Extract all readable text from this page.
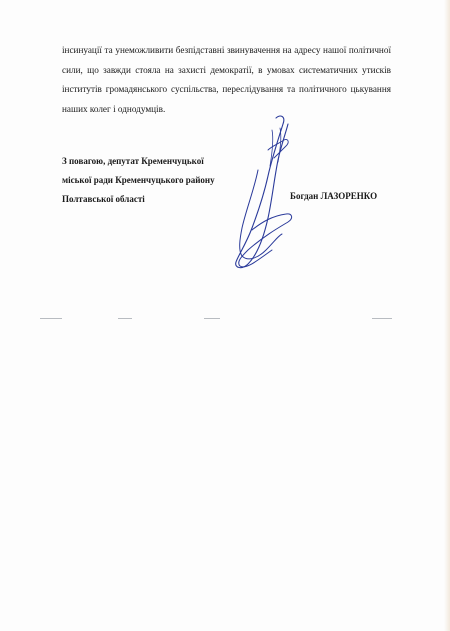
інсинуації та унеможливити безпідставні звинувачення на адресу нашої політичної
сили, що завжди стояла на захисті демократії, в умовах систематичних утисків
інститутів громадянського суспільства, переслідування та політичного цькування
наших колег і однодумців.
З повагою, депутат Кременчуцької
міської ради Кременчуцького району
Полтавської області	Богдан ЛАЗОРЕНКО
